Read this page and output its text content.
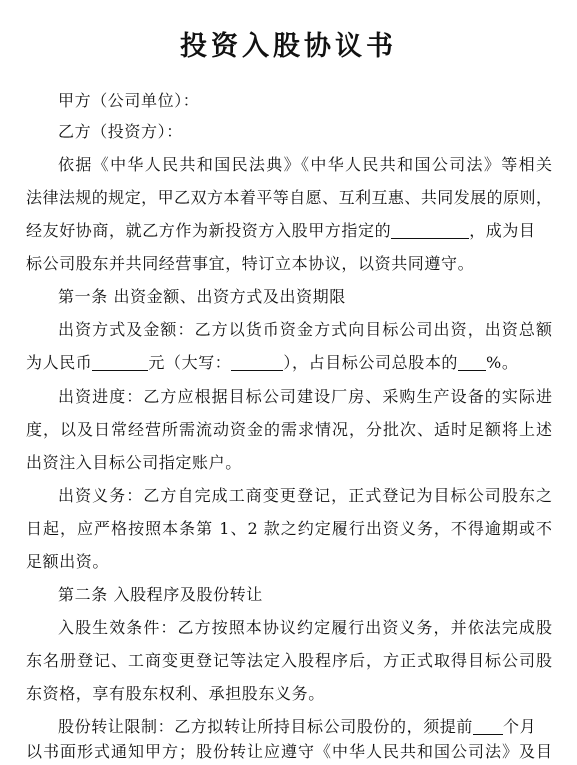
投资入股协议书
甲方（公司单位）：
乙方（投资方）：
依据《中华人民共和国民法典》《中华人民共和国公司法》等相关
法律法规的规定，甲乙双方本着平等自愿、互利互惠、共同发展的原则，
经友好协商，就乙方作为新投资方入股甲方指定的	，成为目
标公司股东并共同经营事宜，特订立本协议，以资共同遵守。
第一条 出资金额、出资方式及出资期限
出资方式及金额：乙方以货币资金方式向目标公司出资，出资总额
为人民币	元（大写：	），占目标公司总股本的 %。
出资进度：乙方应根据目标公司建设厂房、采购生产设备的实际进
度，以及日常经营所需流动资金的需求情况，分批次、适时足额将上述
出资注入目标公司指定账户。
出资义务：乙方自完成工商变更登记，正式登记为目标公司股东之
日起，应严格按照本条第 1、2 款之约定履行出资义务，不得逾期或不
足额出资。
第二条 入股程序及股份转让
入股生效条件：乙方按照本协议约定履行出资义务，并依法完成股
东名册登记、工商变更登记等法定入股程序后，方正式取得目标公司股
东资格，享有股东权利、承担股东义务。
股份转让限制：乙方拟转让所持目标公司股份的，须提前 个月
以书面形式通知甲方；股份转让应遵守《中华人民共和国公司法》及目
